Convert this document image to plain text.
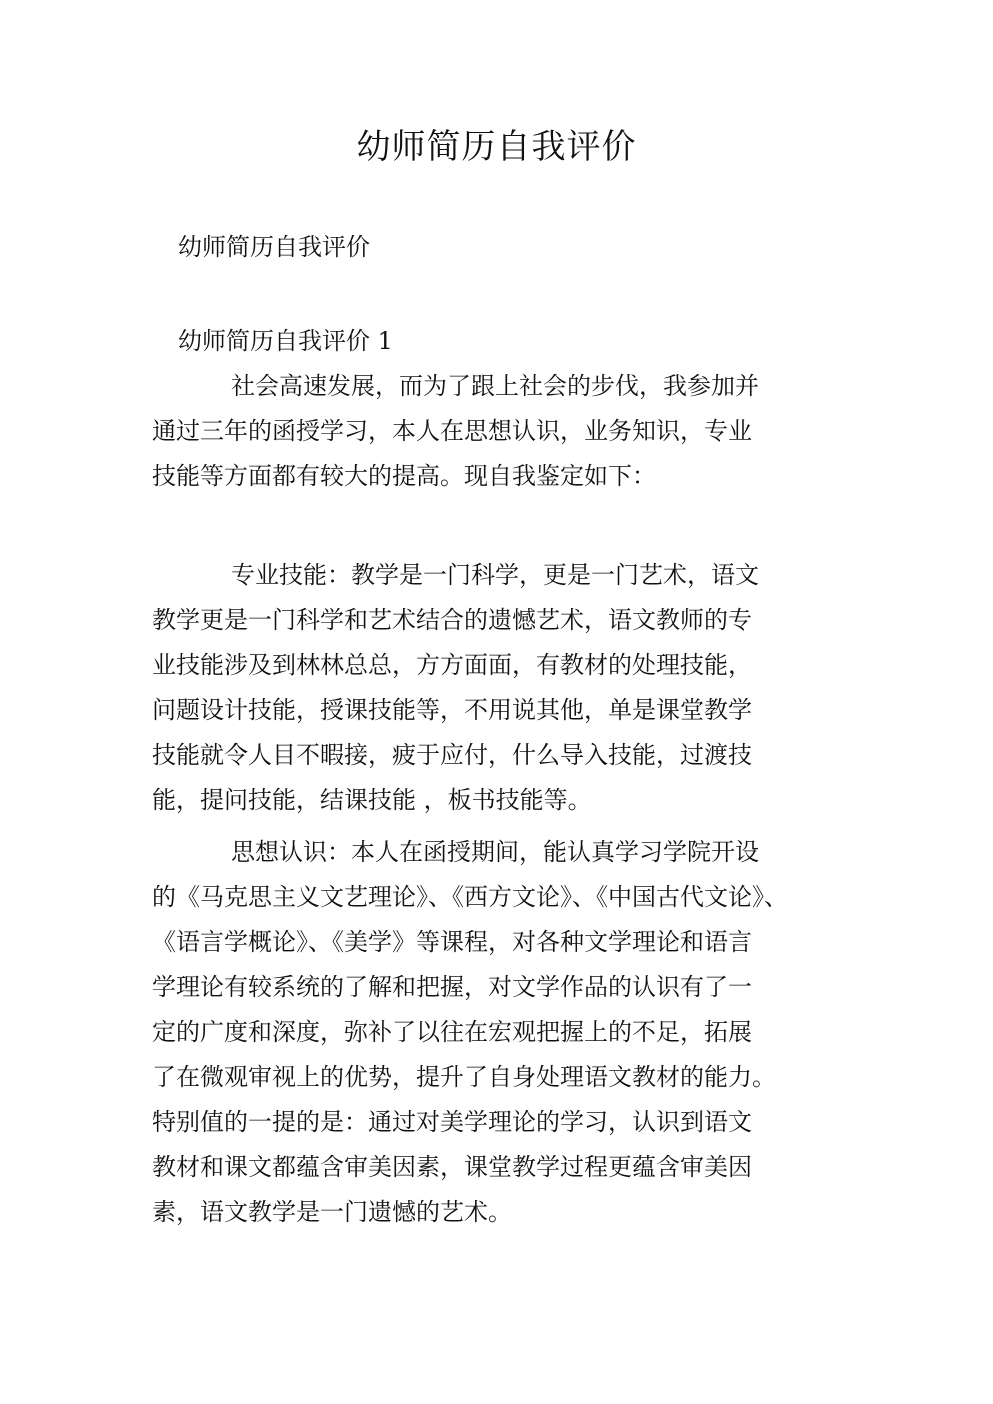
幼师简历自我评价

幼师简历自我评价

幼师简历自我评价 1

社会高速发展，而为了跟上社会的步伐，我参加并
通过三年的函授学习，本人在思想认识，业务知识，专业
技能等方面都有较大的提高。现自我鉴定如下：
专业技能：教学是一门科学，更是一门艺术，语文
教学更是一门科学和艺术结合的遗憾艺术，语文教师的专
业技能涉及到林林总总，方方面面，有教材的处理技能，
问题设计技能，授课技能等，不用说其他，单是课堂教学
技能就令人目不暇接，疲于应付，什么导入技能，过渡技
能，提问技能，结课技能 ，板书技能等。
思想认识：本人在函授期间，能认真学习学院开设
的《马克思主义文艺理论》、《西方文论》、《中国古代文论》、
《语言学概论》、《美学》等课程，对各种文学理论和语言
学理论有较系统的了解和把握，对文学作品的认识有了一
定的广度和深度，弥补了以往在宏观把握上的不足，拓展
了在微观审视上的优势，提升了自身处理语文教材的能力。
特别值的一提的是：通过对美学理论的学习，认识到语文
教材和课文都蕴含审美因素，课堂教学过程更蕴含审美因
素，语文教学是一门遗憾的艺术。
